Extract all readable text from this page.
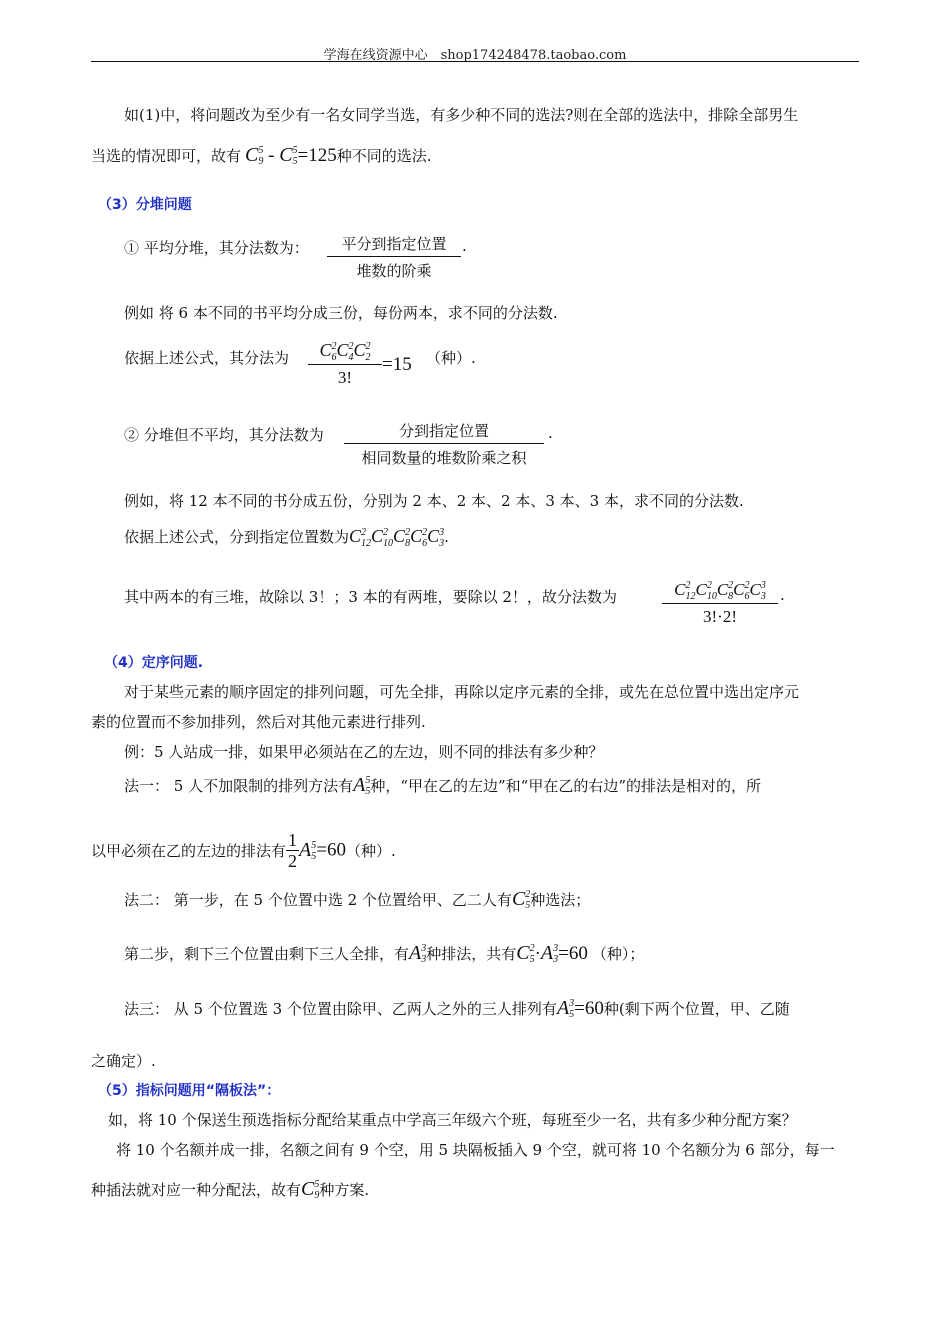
学海在线资源中心　shop174248478.taobao.com
如(1)中，将问题改为至少有一名女同学当选，有多少种不同的选法?则在全部的选法中，排除全部男生
当选的情况即可，故有 C 5
9 - C 5
5 =125种不同的选法.
（3）分堆问题
① 平均分堆，其分法数为：	平分到指定位置
堆数的阶乘
.
例如 将 6 本不同的书平均分成三份，每份两本，求不同的分法数.
依据上述公式，其分法为 C 2
6 C 2
4 C 2
2
3! =15 （种）.
② 分堆但不平均，其分法数为	分到指定位置
相同数量的堆数阶乘之积
.
例如，将 12 本不同的书分成五份，分别为 2 本、2 本、2 本、3 本、3 本，求不同的分法数.
依据上述公式，分到指定位置数为C 2
12 C 2
10 C 2
8 C 2
6 C 3
3 .
其中两本的有三堆，故除以 3！；3 本的有两堆，要除以 2！，故分法数为	C 2
12 C 2
10 C 2
8 C 2
6 C 3
3
3!·2! .
（4）定序问题.
对于某些元素的顺序固定的排列问题，可先全排，再除以定序元素的全排，或先在总位置中选出定序元
素的位置而不参加排列，然后对其他元素进行排列.
例：5 人站成一排，如果甲必须站在乙的左边，则不同的排法有多少种？
法一： 5 人不加限制的排列方法有A 5
5 种，“甲在乙的左边”和“甲在乙的右边”的排法是相对的，所
以甲必须在乙的左边的排法有 $\frac{1}{2}$ A 5
5 =60（种）.
法二： 第一步，在 5 个位置中选 2 个位置给甲、乙二人有C 2
5 种选法；
第二步，剩下三个位置由剩下三人全排，有A 3
3 种排法，共有C 2
5 ·A 3
3 =60 （种）；
法三： 从 5 个位置选 3 个位置由除甲、乙两人之外的三人排列有A 3
5 =60种(剩下两个位置，甲、乙随
之确定）.
（5）指标问题用“隔板法”：
如，将 10 个保送生预选指标分配给某重点中学高三年级六个班，每班至少一名，共有多少种分配方案？
将 10 个名额并成一排，名额之间有 9 个空，用 5 块隔板插入 9 个空，就可将 10 个名额分为 6 部分，每一
种插法就对应一种分配法，故有C 5
9 种方案.
